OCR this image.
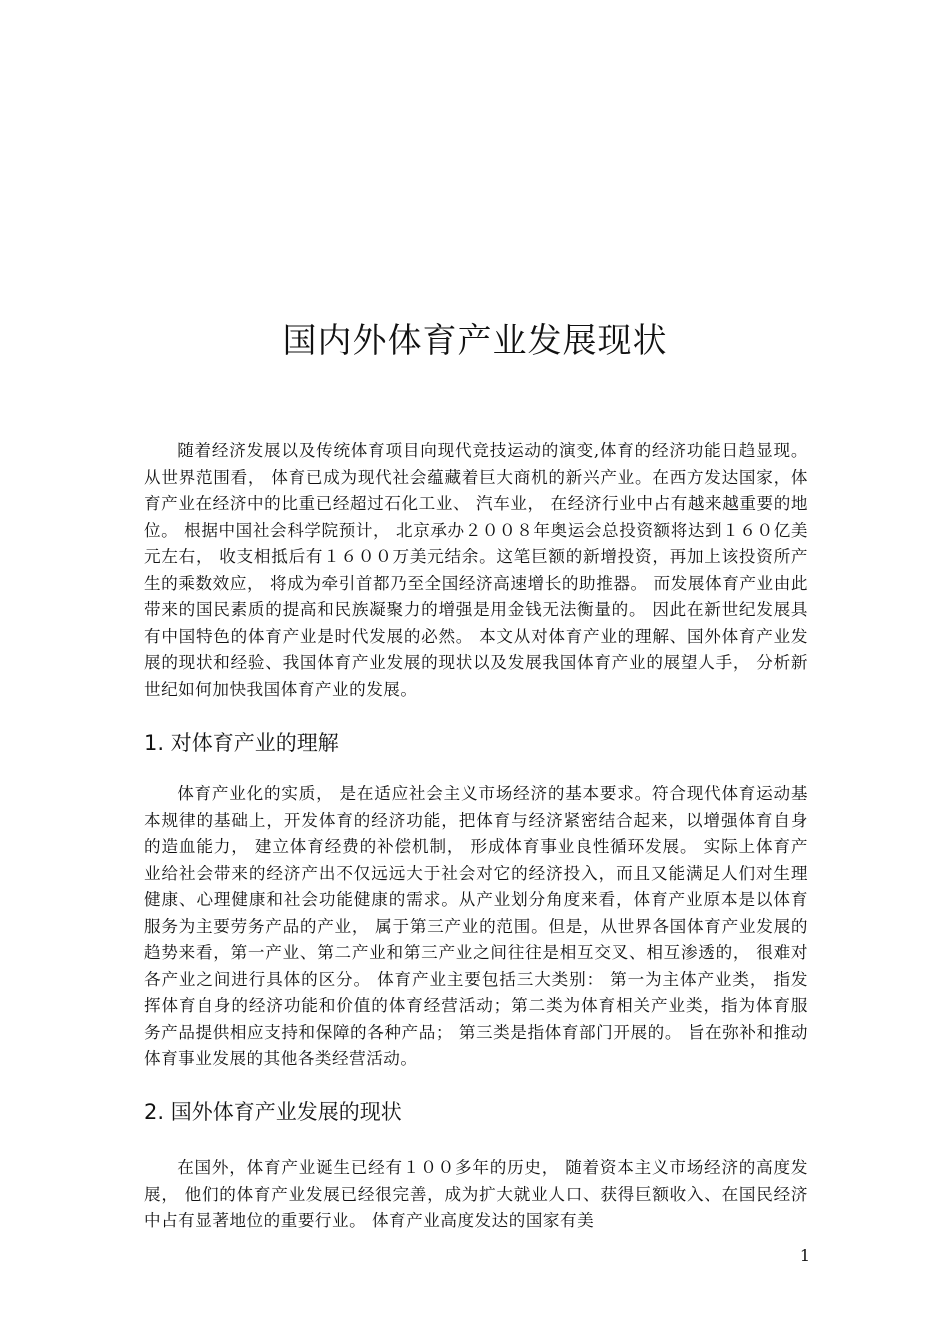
国内外体育产业发展现状

随着经济发展以及传统体育项目向现代竞技运动的演变,体育的经济功能日趋显现。 从世界范围看， 体育已成为现代社会蕴藏着巨大商机的新兴产业。在西方发达国家，体育产业在经济中的比重已经超过石化工业、 汽车业， 在经济行业中占有越来越重要的地位。 根据中国社会科学院预计， 北京承办２００８年奥运会总投资额将达到１６０亿美元左右， 收支相抵后有１６００万美元结余。这笔巨额的新增投资，再加上该投资所产生的乘数效应， 将成为牵引首都乃至全国经济高速增长的助推器。 而发展体育产业由此带来的国民素质的提高和民族凝聚力的增强是用金钱无法衡量的。 因此在新世纪发展具有中国特色的体育产业是时代发展的必然。 本文从对体育产业的理解、国外体育产业发展的现状和经验、我国体育产业发展的现状以及发展我国体育产业的展望人手， 分析新世纪如何加快我国体育产业的发展。

1. 对体育产业的理解

体育产业化的实质， 是在适应社会主义市场经济的基本要求。符合现代体育运动基本规律的基础上，开发体育的经济功能，把体育与经济紧密结合起来，以增强体育自身的造血能力， 建立体育经费的补偿机制， 形成体育事业良性循环发展。 实际上体育产业给社会带来的经济产出不仅远远大于社会对它的经济投入，而且又能满足人们对生理健康、心理健康和社会功能健康的需求。从产业划分角度来看，体育产业原本是以体育服务为主要劳务产品的产业， 属于第三产业的范围。但是，从世界各国体育产业发展的趋势来看，第一产业、第二产业和第三产业之间往往是相互交叉、相互渗透的， 很难对各产业之间进行具体的区分。 体育产业主要包括三大类别： 第一为主体产业类， 指发挥体育自身的经济功能和价值的体育经营活动；第二类为体育相关产业类，指为体育服务产品提供相应支持和保障的各种产品； 第三类是指体育部门开展的。 旨在弥补和推动体育事业发展的其他各类经营活动。

2. 国外体育产业发展的现状

在国外，体育产业诞生已经有１００多年的历史， 随着资本主义市场经济的高度发展， 他们的体育产业发展已经很完善，成为扩大就业人口、获得巨额收入、在国民经济中占有显著地位的重要行业。 体育产业高度发达的国家有美

1
